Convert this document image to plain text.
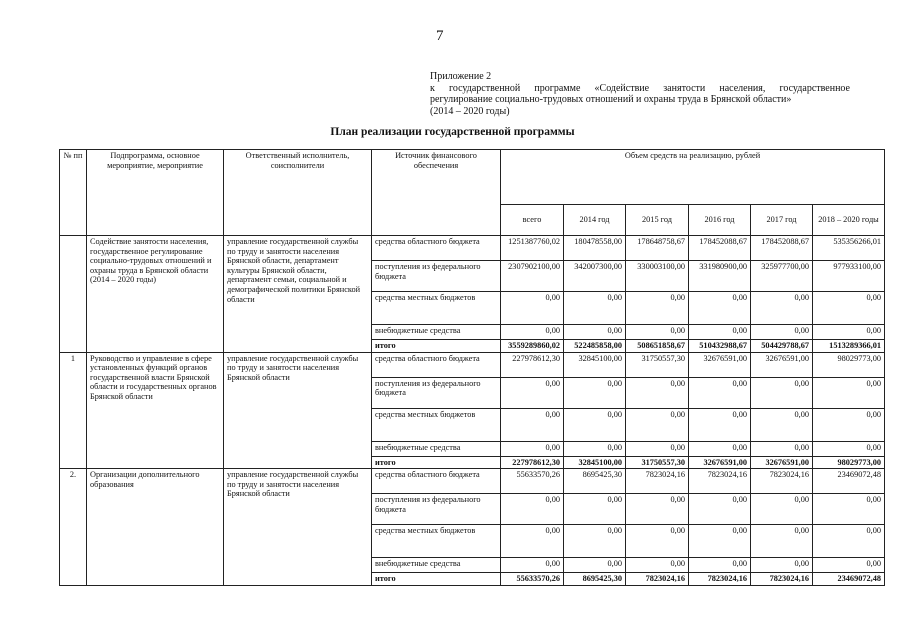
7
Приложение 2
к государственной программе «Содействие занятости населения, государственное
регулирование социально-трудовых отношений и охраны труда в Брянской области»
(2014 – 2020 годы)
План реализации государственной программы
№ пп	Подпрограмма, основное мероприятие, мероприятие	Ответственный исполнитель, соисполнители	Источник финансового обеспечения	Объем средств на реализацию, рублей					
				всего	2014 год	2015 год	2016 год	2017 год	2018 – 2020 годы
	Содействие занятости населения, государственное регулирование социально-трудовых отношений и охраны труда в Брянской области (2014 – 2020 годы)	управление государственной службы по труду и занятости населения Брянской области, департамент культуры Брянской области, департамент семьи, социальной и демографической политики Брянской области	средства областного бюджета	1251387760,02	180478558,00	178648758,67	178452088,67	178452088,67	535356266,01
			поступления из федерального бюджета	2307902100,00	342007300,00	330003100,00	331980900,00	325977700,00	977933100,00
			средства местных бюджетов	0,00	0,00	0,00	0,00	0,00	0,00
			внебюджетные средства	0,00	0,00	0,00	0,00	0,00	0,00
			итого	3559289860,02	522485858,00	508651858,67	510432988,67	504429788,67	1513289366,01
1	Руководство и управление в сфере установленных функций органов государственной власти Брянской области и государственных органов Брянской области	управление государственной службы по труду и занятости населения Брянской области	средства областного бюджета	227978612,30	32845100,00	31750557,30	32676591,00	32676591,00	98029773,00
			поступления из федерального бюджета	0,00	0,00	0,00	0,00	0,00	0,00
			средства местных бюджетов	0,00	0,00	0,00	0,00	0,00	0,00
			внебюджетные средства	0,00	0,00	0,00	0,00	0,00	0,00
			итого	227978612,30	32845100,00	31750557,30	32676591,00	32676591,00	98029773,00
2.	Организации дополнительного образования	управление государственной службы по труду и занятости населения Брянской области	средства областного бюджета	55633570,26	8695425,30	7823024,16	7823024,16	7823024,16	23469072,48
			поступления из федерального бюджета	0,00	0,00	0,00	0,00	0,00	0,00
			средства местных бюджетов	0,00	0,00	0,00	0,00	0,00	0,00
			внебюджетные средства	0,00	0,00	0,00	0,00	0,00	0,00
			итого	55633570,26	8695425,30	7823024,16	7823024,16	7823024,16	23469072,48
